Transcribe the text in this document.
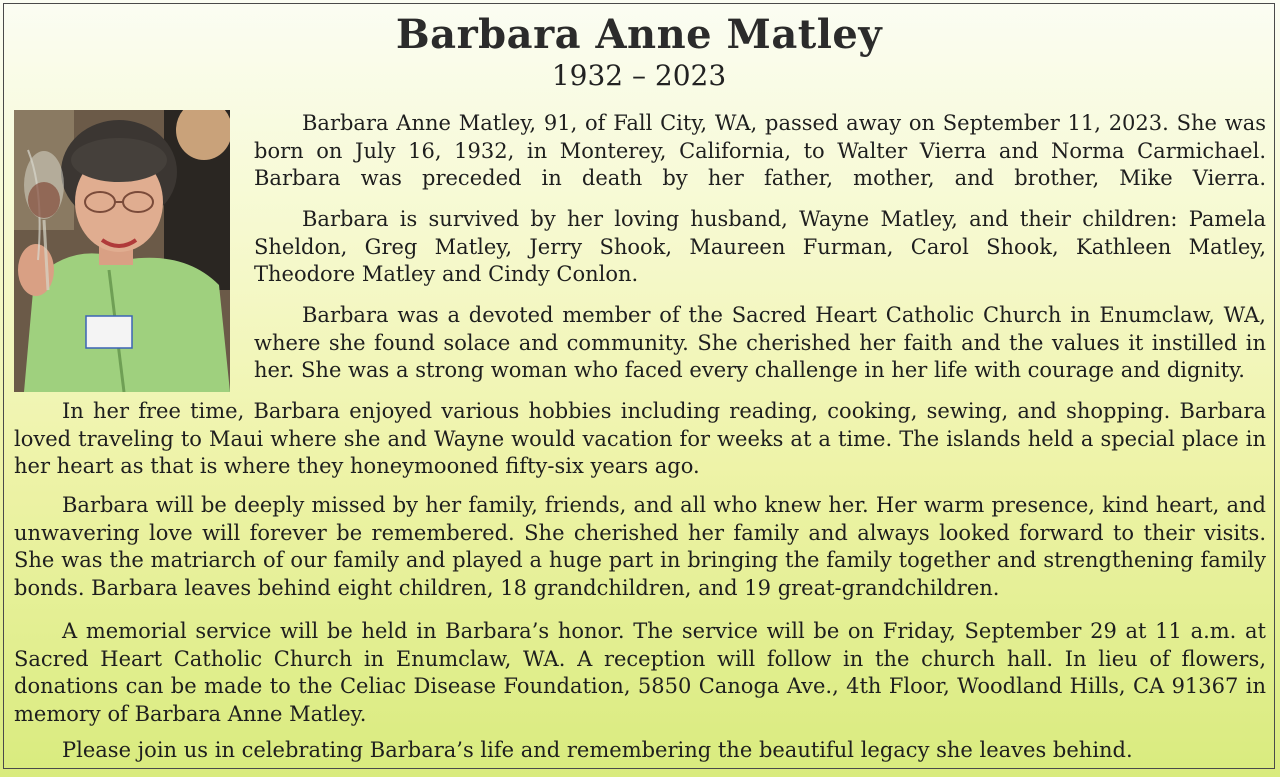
Barbara Anne Matley
1932 – 2023

Barbara Anne Matley, 91, of Fall City, WA, passed away on September 11, 2023. She was born on July 16, 1932, in Monterey, California, to Walter Vierra and Norma Carmichael. Barbara was preceded in death by her father, mother, and brother, Mike Vierra.

Barbara is survived by her loving husband, Wayne Matley, and their children: Pamela Sheldon, Greg Matley, Jerry Shook, Maureen Furman, Carol Shook, Kathleen Matley, Theodore Matley and Cindy Conlon.

Barbara was a devoted member of the Sacred Heart Catholic Church in Enumclaw, WA, where she found solace and community. She cherished her faith and the values it instilled in her. She was a strong woman who faced every challenge in her life with courage and dignity.

In her free time, Barbara enjoyed various hobbies including reading, cooking, sewing, and shopping. Barbara loved traveling to Maui where she and Wayne would vacation for weeks at a time. The islands held a special place in her heart as that is where they honeymooned fifty-six years ago.

Barbara will be deeply missed by her family, friends, and all who knew her. Her warm presence, kind heart, and unwavering love will forever be remembered. She cherished her family and always looked forward to their visits. She was the matriarch of our family and played a huge part in bringing the family together and strengthening family bonds. Barbara leaves behind eight children, 18 grandchildren, and 19 great-grandchildren.

A memorial service will be held in Barbara’s honor. The service will be on Friday, September 29 at 11 a.m. at Sacred Heart Catholic Church in Enumclaw, WA. A reception will follow in the church hall. In lieu of flowers, donations can be made to the Celiac Disease Foundation, 5850 Canoga Ave., 4th Floor, Woodland Hills, CA 91367 in memory of Barbara Anne Matley.

Please join us in celebrating Barbara’s life and remembering the beautiful legacy she leaves behind.
